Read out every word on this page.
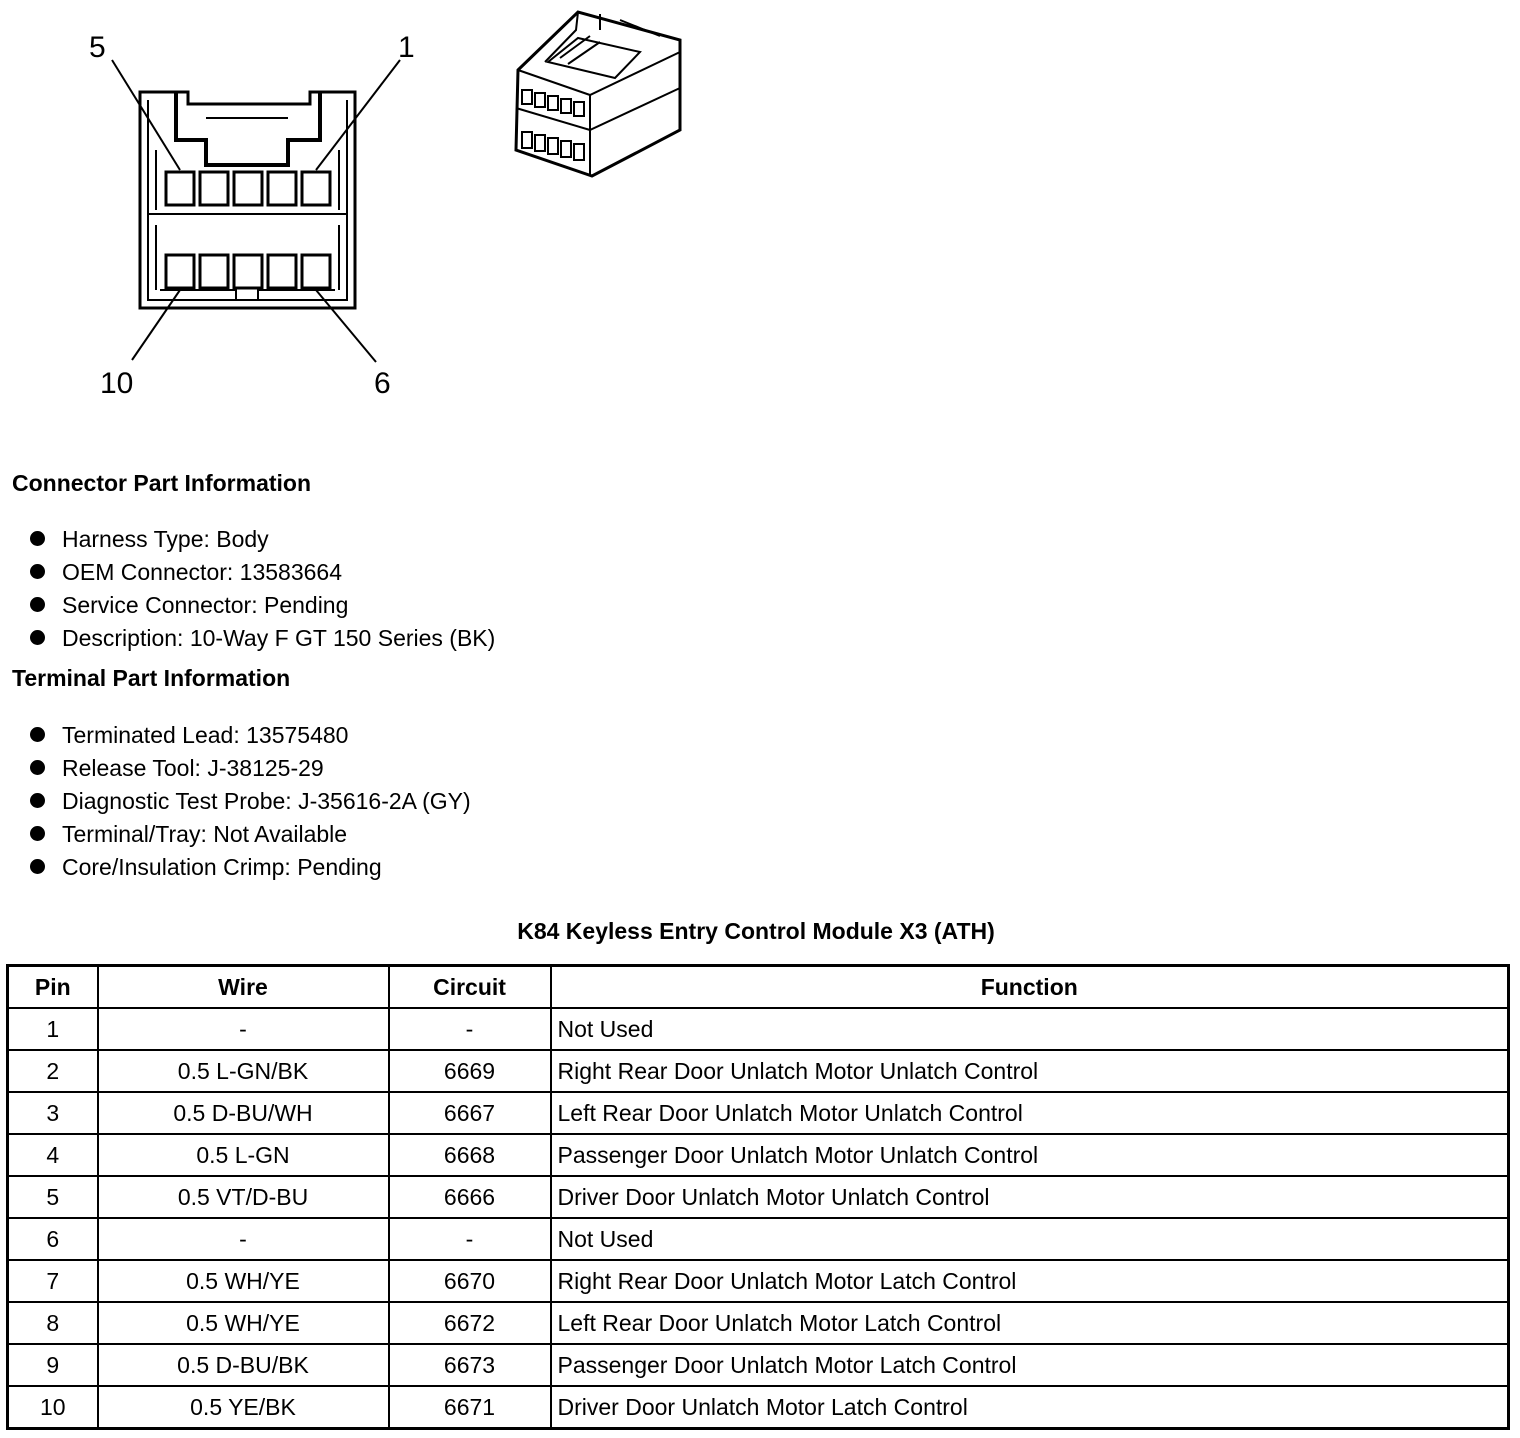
5	1
10	6
Connector Part Information
Harness Type: Body
OEM Connector: 13583664
Service Connector: Pending
Description: 10-Way F GT 150 Series (BK)
Terminal Part Information
Terminated Lead: 13575480
Release Tool: J-38125-29
Diagnostic Test Probe: J-35616-2A (GY)
Terminal/Tray: Not Available
Core/Insulation Crimp: Pending
K84 Keyless Entry Control Module X3 (ATH)
Pin	Wire	Circuit	Function
1	-	-	Not Used
2	0.5 L-GN/BK	6669	Right Rear Door Unlatch Motor Unlatch Control
3	0.5 D-BU/WH	6667	Left Rear Door Unlatch Motor Unlatch Control
4	0.5 L-GN	6668	Passenger Door Unlatch Motor Unlatch Control
5	0.5 VT/D-BU	6666	Driver Door Unlatch Motor Unlatch Control
6	-	-	Not Used
7	0.5 WH/YE	6670	Right Rear Door Unlatch Motor Latch Control
8	0.5 WH/YE	6672	Left Rear Door Unlatch Motor Latch Control
9	0.5 D-BU/BK	6673	Passenger Door Unlatch Motor Latch Control
10	0.5 YE/BK	6671	Driver Door Unlatch Motor Latch Control
